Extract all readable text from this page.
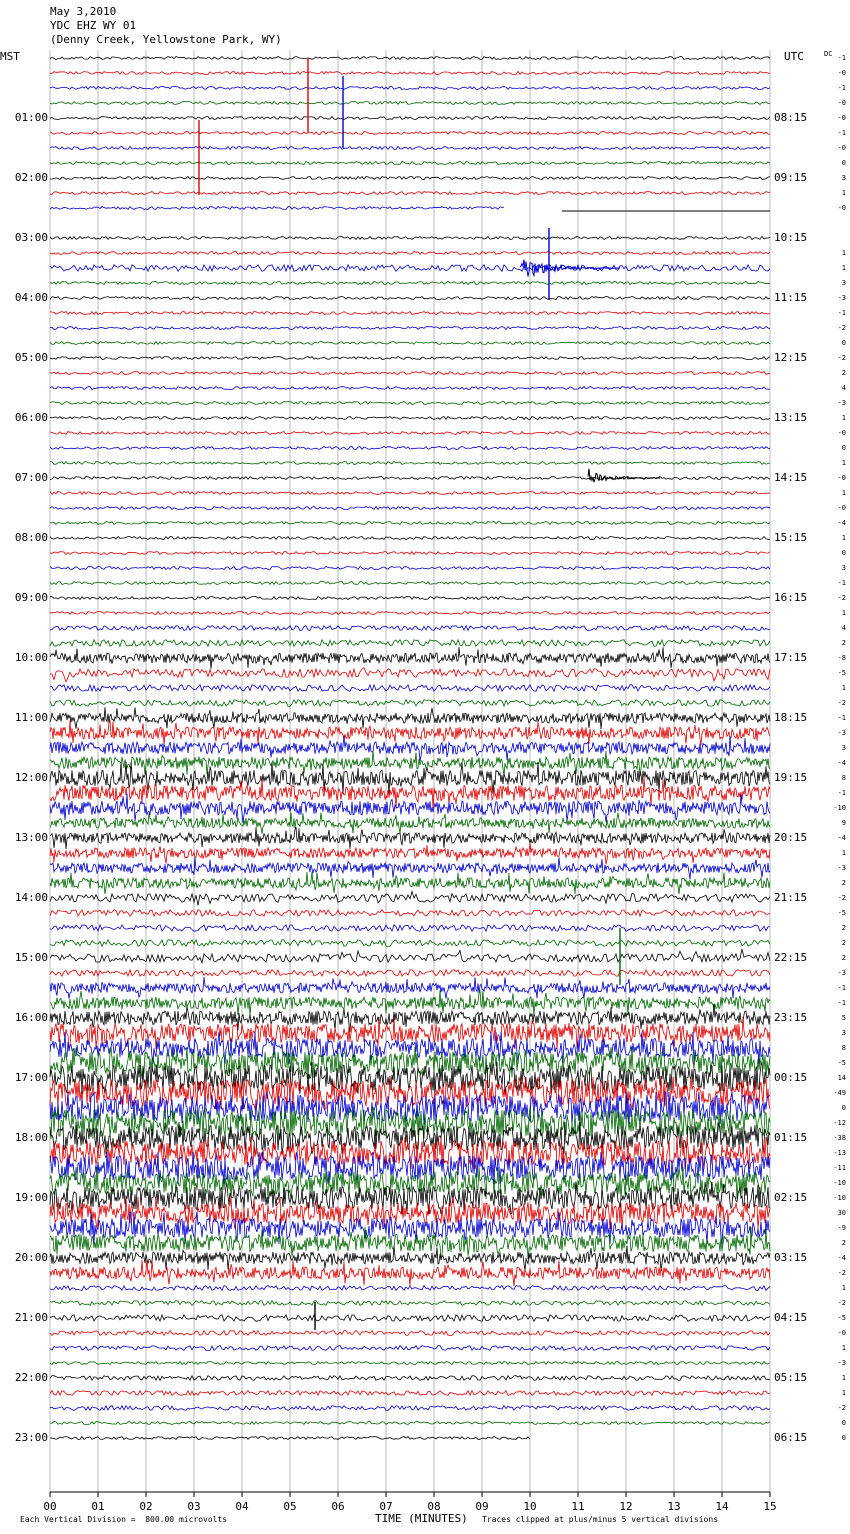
May 3,2010
YDC EHZ WY 01
(Denny Creek, Yellowstone Park, WY)
MST	UTC	DC
01:00
02:00
03:00
04:00
05:00
06:00
07:00
08:00
09:00
10:00
11:00
12:00
13:00
14:00
15:00
16:00
17:00
18:00
19:00
20:00
21:00
22:00
23:00
08:15
09:15
10:15
11:15
12:15
13:15
14:15
15:15
16:15
17:15
18:15
19:15
20:15
21:15
22:15
23:15
00:15
01:15
02:15
03:15
04:15
05:15
06:15
-1
-0
-1
-0
-0
-1
-0
0
3
1
-0
1
1
3
-3
-1
-2
0
-2
2
4
-3
1
-0
0
1
-0
1
-0
-4
1
0
3
-1
-2
1
4
2
-8
-5
1
-2
-1
-3
3
-4
8
-1
-10
9
-4
1
-3
2
-2
-5
2
2
2
-3
-1
-1
5
3
8
-5
14
-49
0
-12
-38
-13
-11
-10
-10
30
-9
2
-4
-2
1
-2
-5
-0
1
-3
1
1
-2
0
0
00	01	02	03	04	05	06	07	08	09	10	11	12	13	14	15
Each Vertical Division =  800.00 microvolts	TIME (MINUTES) Traces clipped at plus/minus 5 vertical divisions
